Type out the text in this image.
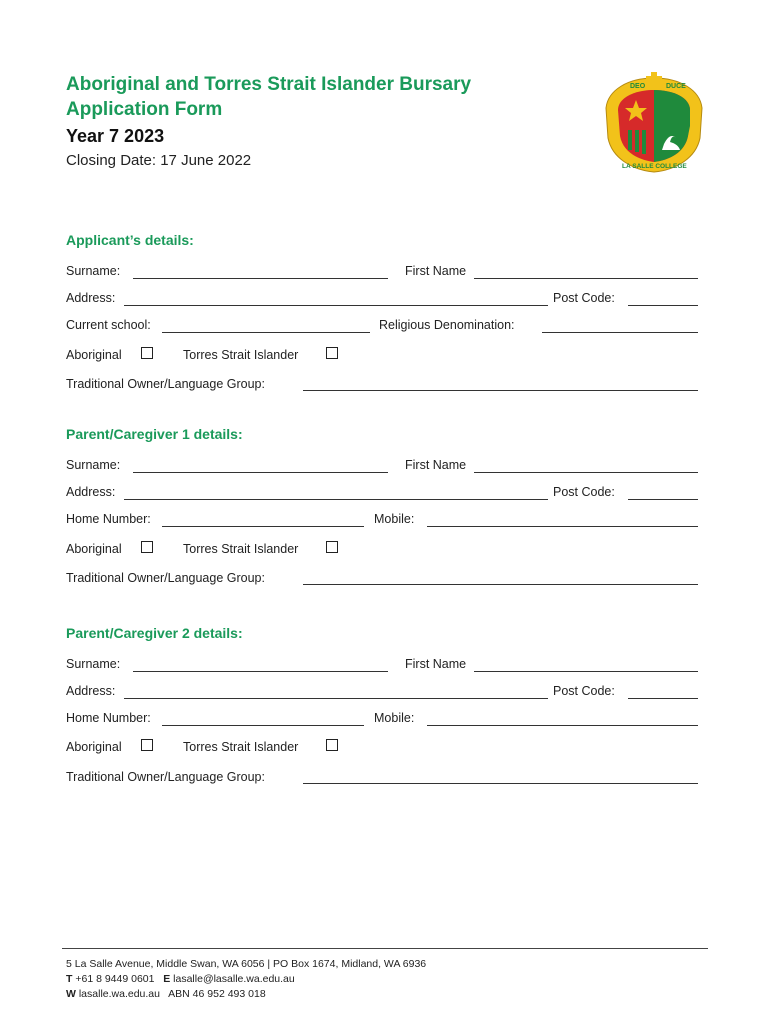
Aboriginal and Torres Strait Islander Bursary
Application Form
Year 7 2023
Closing Date: 17 June 2022
DEO	DUCE
LA SALLE COLLEGE
Applicant’s details:
Surname:	First Name
Address:	Post Code:
Current school:	Religious Denomination:
Aboriginal	Torres Strait Islander
Traditional Owner/Language Group:
Parent/Caregiver 1 details:
Surname:	First Name
Address:	Post Code:
Home Number:	Mobile:
Aboriginal	Torres Strait Islander
Traditional Owner/Language Group:
Parent/Caregiver 2 details:
Surname:	First Name
Address:	Post Code:
Home Number:	Mobile:
Aboriginal	Torres Strait Islander
Traditional Owner/Language Group:
5 La Salle Avenue, Middle Swan, WA 6056 | PO Box 1674, Midland, WA 6936
T +61 8 9449 0601 E lasalle@lasalle.wa.edu.au
W lasalle.wa.edu.au ABN 46 952 493 018
